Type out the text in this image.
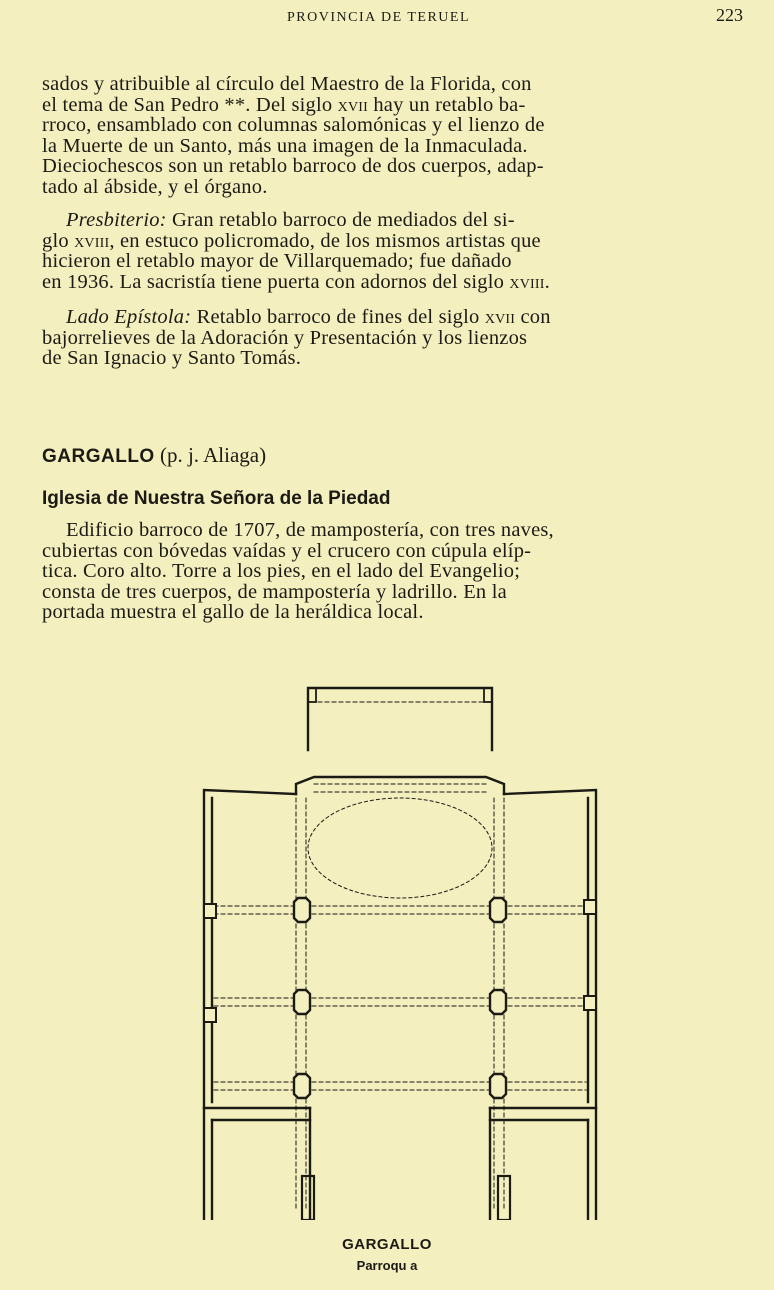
PROVINCIA DE TERUEL	223
sados y atribuible al círculo del Maestro de la Florida, con
el tema de San Pedro **. Del siglo xvii hay un retablo ba-
rroco, ensamblado con columnas salomónicas y el lienzo de
la Muerte de un Santo, más una imagen de la Inmaculada.
Dieciochescos son un retablo barroco de dos cuerpos, adap-
tado al ábside, y el órgano.
Presbiterio: Gran retablo barroco de mediados del si-
glo xviii, en estuco policromado, de los mismos artistas que
hicieron el retablo mayor de Villarquemado; fue dañado
en 1936. La sacristía tiene puerta con adornos del siglo xviii.
Lado Epístola: Retablo barroco de fines del siglo xvii con
bajorrelieves de la Adoración y Presentación y los lienzos
de San Ignacio y Santo Tomás.
GARGALLO (p. j. Aliaga)
Iglesia de Nuestra Señora de la Piedad
Edificio barroco de 1707, de mampostería, con tres naves,
cubiertas con bóvedas vaídas y el crucero con cúpula elíp-
tica. Coro alto. Torre a los pies, en el lado del Evangelio;
consta de tres cuerpos, de mampostería y ladrillo. En la
portada muestra el gallo de la heráldica local.
GARGALLO
Parroqu a
